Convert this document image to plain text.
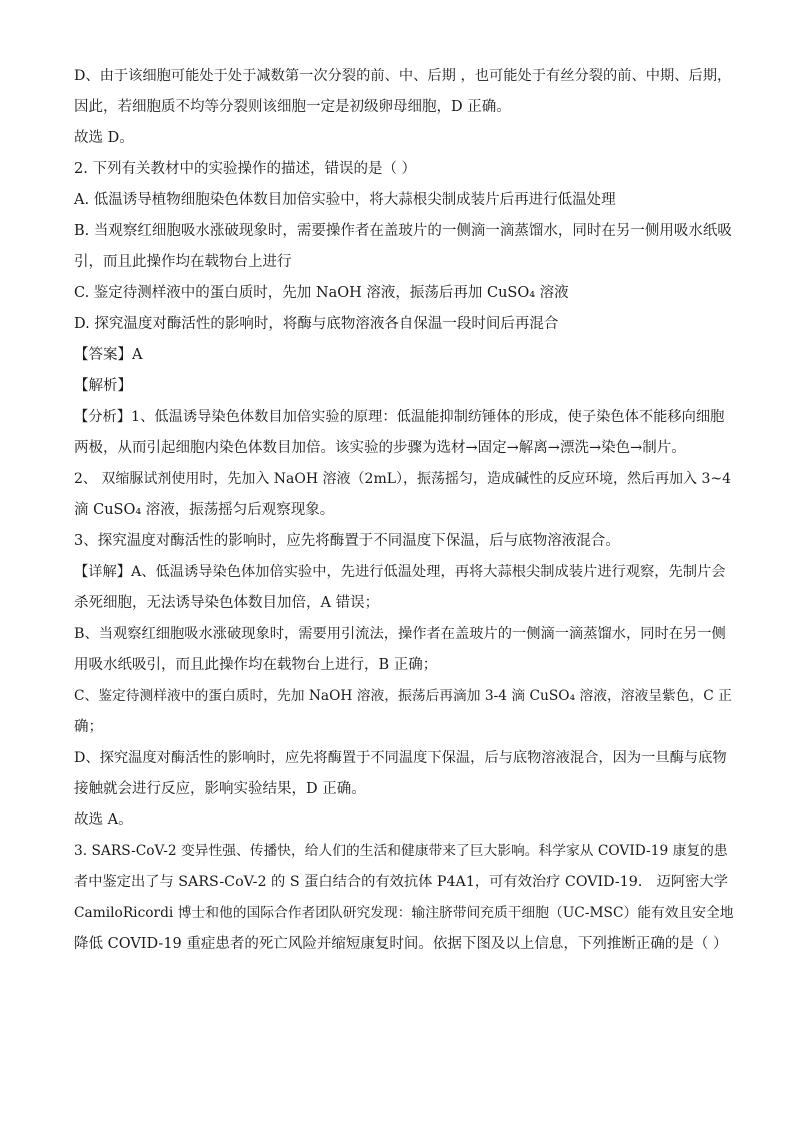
D、由于该细胞可能处于处于减数第一次分裂的前、中、后期 ，也可能处于有丝分裂的前、中期、后期，
因此，若细胞质不均等分裂则该细胞一定是初级卵母细胞，D 正确。
故选 D。
2. 下列有关教材中的实验操作的描述，错误的是（ ）
A. 低温诱导植物细胞染色体数目加倍实验中，将大蒜根尖制成装片后再进行低温处理
B. 当观察红细胞吸水涨破现象时，需要操作者在盖玻片的一侧滴一滴蒸馏水，同时在另一侧用吸水纸吸
引，而且此操作均在载物台上进行
C. 鉴定待测样液中的蛋白质时，先加 NaOH 溶液，振荡后再加 CuSO₄ 溶液
D. 探究温度对酶活性的影响时，将酶与底物溶液各自保温一段时间后再混合
【答案】A
【解析】
【分析】1、低温诱导染色体数目加倍实验的原理：低温能抑制纺锤体的形成，使子染色体不能移向细胞
两极，从而引起细胞内染色体数目加倍。该实验的步骤为选材→固定→解离→漂洗→染色→制片。
2、 双缩脲试剂使用时，先加入 NaOH 溶液（2mL），振荡摇匀，造成碱性的反应环境，然后再加入 3~4
滴 CuSO₄ 溶液，振荡摇匀后观察现象。
3、探究温度对酶活性的影响时，应先将酶置于不同温度下保温，后与底物溶液混合。
【详解】A、低温诱导染色体加倍实验中，先进行低温处理，再将大蒜根尖制成装片进行观察，先制片会
杀死细胞，无法诱导染色体数目加倍，A 错误；
B、当观察红细胞吸水涨破现象时，需要用引流法，操作者在盖玻片的一侧滴一滴蒸馏水，同时在另一侧
用吸水纸吸引，而且此操作均在载物台上进行，B 正确；
C、鉴定待测样液中的蛋白质时，先加 NaOH 溶液，振荡后再滴加 3-4 滴 CuSO₄ 溶液，溶液呈紫色，C 正
确；
D、探究温度对酶活性的影响时，应先将酶置于不同温度下保温，后与底物溶液混合，因为一旦酶与底物
接触就会进行反应，影响实验结果，D 正确。
故选 A。
3. SARS-CoV-2 变异性强、传播快，给人们的生活和健康带来了巨大影响。科学家从 COVID-19 康复的患
者中鉴定出了与 SARS-CoV-2 的 S 蛋白结合的有效抗体 P4A1，可有效治疗 COVID-19． 迈阿密大学
CamiloRicordi 博士和他的国际合作者团队研究发现：输注脐带间充质干细胞（UC-MSC）能有效且安全地
降低 COVID-19 重症患者的死亡风险并缩短康复时间。依据下图及以上信息，下列推断正确的是（ ）
